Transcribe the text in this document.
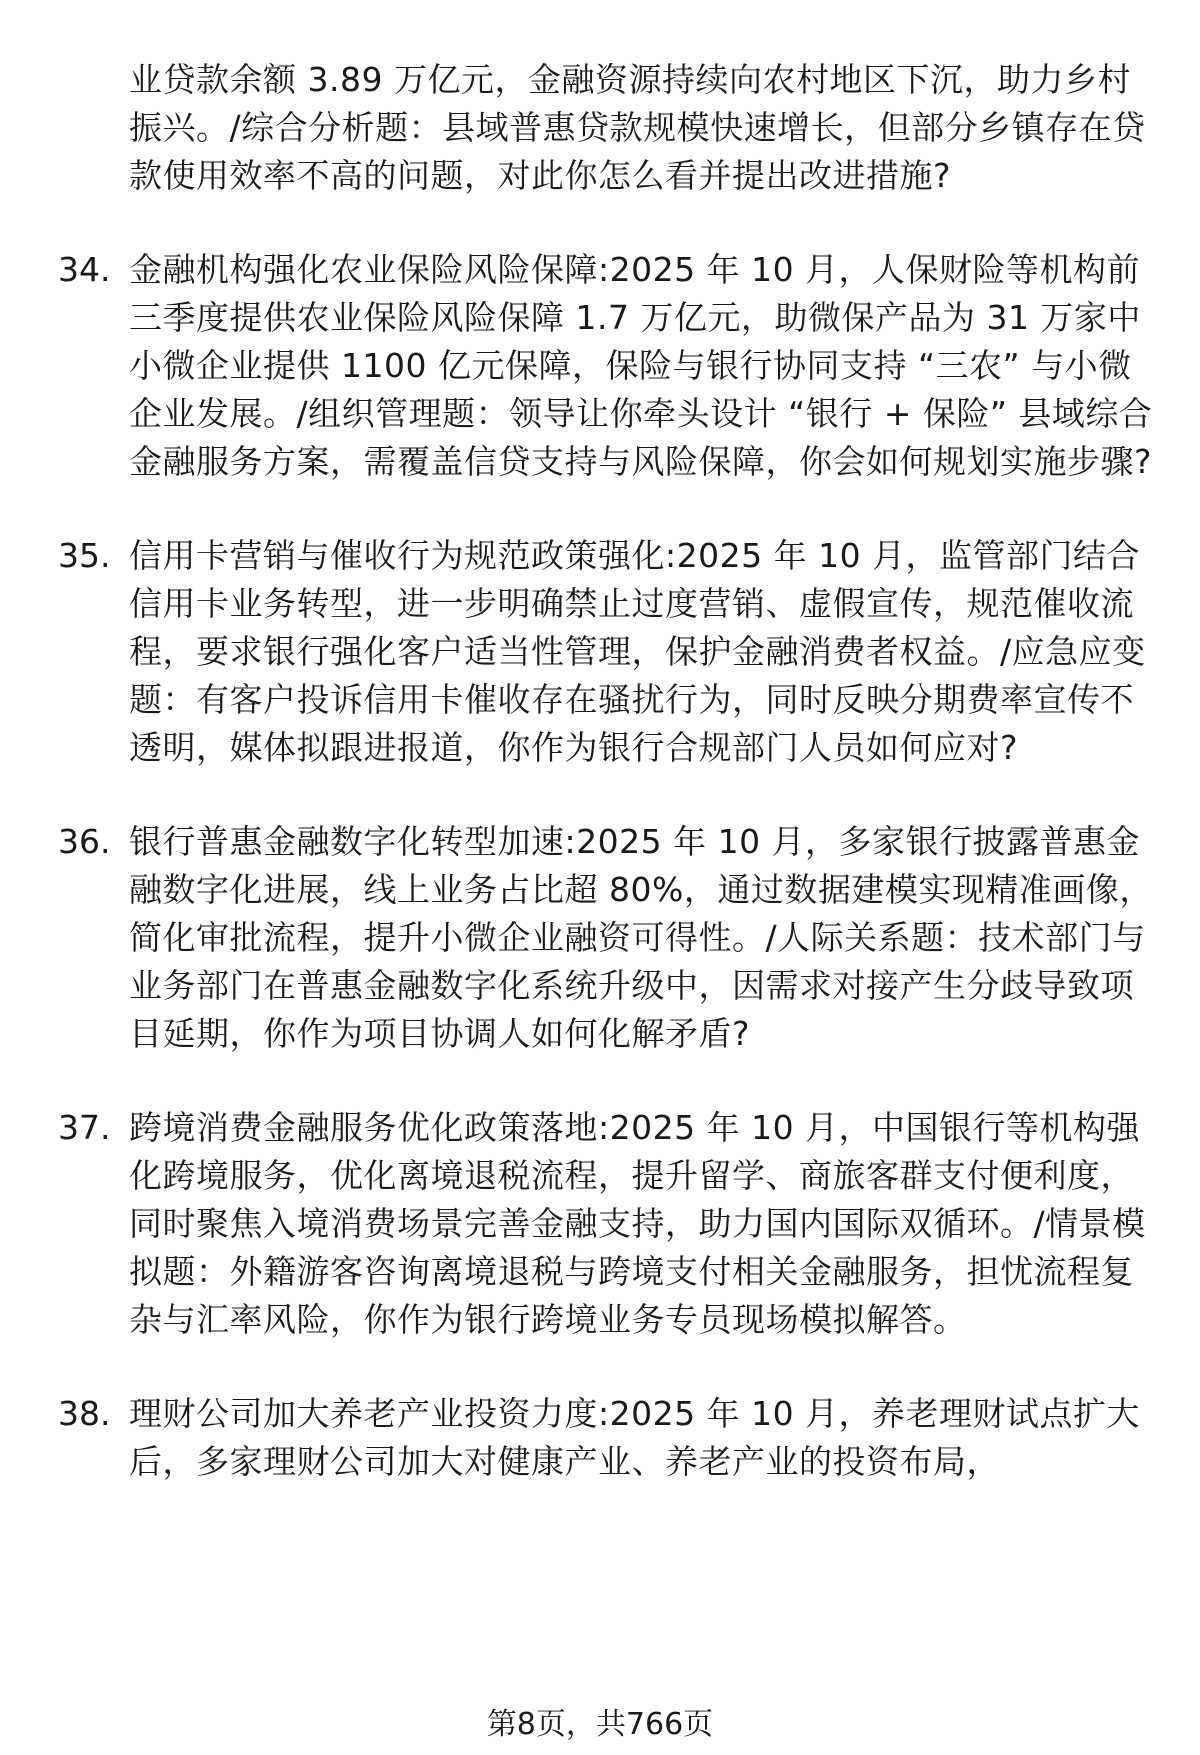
业贷款余额 3.89 万亿元，金融资源持续向农村地区下沉，助力乡村振兴。/综合分析题：县域普惠贷款规模快速增长，但部分乡镇存在贷款使用效率不高的问题，对此你怎么看并提出改进措施?
34. 金融机构强化农业保险风险保障:2025 年 10 月，人保财险等机构前三季度提供农业保险风险保障 1.7 万亿元，助微保产品为 31 万家中小微企业提供 1100 亿元保障，保险与银行协同支持 “三农” 与小微企业发展。/组织管理题：领导让你牵头设计 “银行 + 保险” 县域综合金融服务方案，需覆盖信贷支持与风险保障，你会如何规划实施步骤?
35. 信用卡营销与催收行为规范政策强化:2025 年 10 月，监管部门结合信用卡业务转型，进一步明确禁止过度营销、虚假宣传，规范催收流程，要求银行强化客户适当性管理，保护金融消费者权益。/应急应变题：有客户投诉信用卡催收存在骚扰行为，同时反映分期费率宣传不透明，媒体拟跟进报道，你作为银行合规部门人员如何应对?
36. 银行普惠金融数字化转型加速:2025 年 10 月，多家银行披露普惠金融数字化进展，线上业务占比超 80%，通过数据建模实现精准画像，简化审批流程，提升小微企业融资可得性。/人际关系题：技术部门与业务部门在普惠金融数字化系统升级中，因需求对接产生分歧导致项目延期，你作为项目协调人如何化解矛盾?
37. 跨境消费金融服务优化政策落地:2025 年 10 月，中国银行等机构强化跨境服务，优化离境退税流程，提升留学、商旅客群支付便利度，同时聚焦入境消费场景完善金融支持，助力国内国际双循环。/情景模拟题：外籍游客咨询离境退税与跨境支付相关金融服务，担忧流程复杂与汇率风险，你作为银行跨境业务专员现场模拟解答。
38. 理财公司加大养老产业投资力度:2025 年 10 月，养老理财试点扩大后，多家理财公司加大对健康产业、养老产业的投资布局，
第8页，共766页
